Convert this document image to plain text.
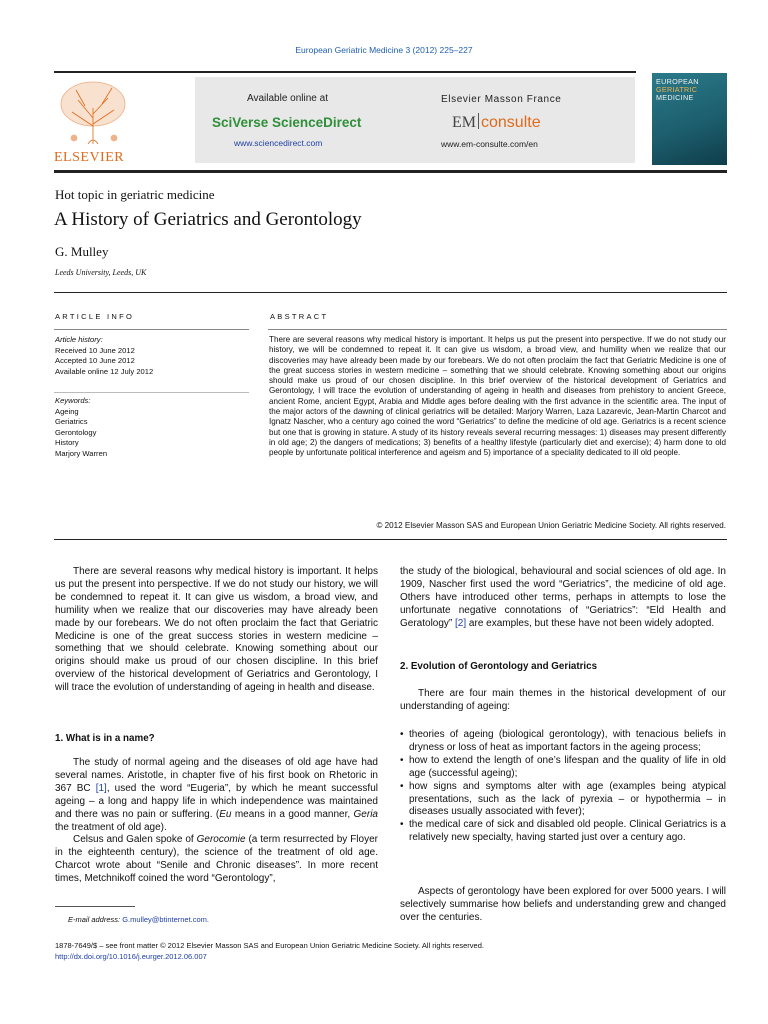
European Geriatric Medicine 3 (2012) 225–227
ELSEVIER
Available online at
SciVerse ScienceDirect
www.sciencedirect.com
Elsevier Masson France
EM consulte
www.em-consulte.com/en
EUROPEAN
GERIATRIC
MEDICINE
Hot topic in geriatric medicine
A History of Geriatrics and Gerontology
G. Mulley
Leeds University, Leeds, UK
ARTICLE INFO
Article history:
Received 10 June 2012
Accepted 10 June 2012
Available online 12 July 2012
Keywords:
Ageing
Geriatrics
Gerontology
History
Marjory Warren
ABSTRACT
There are several reasons why medical history is important. It helps us put the present into perspective. If we do not study our history, we will be condemned to repeat it. It can give us wisdom, a broad view, and humility when we realize that our discoveries may have already been made by our forebears. We do not often proclaim the fact that Geriatric Medicine is one of the great success stories in western medicine – something that we should celebrate. Knowing something about our origins should make us proud of our chosen discipline. In this brief overview of the historical development of Geriatrics and Gerontology, I will trace the evolution of understanding of ageing in health and diseases from prehistory to ancient Greece, ancient Rome, ancient Egypt, Arabia and Middle ages before dealing with the first advance in the scientific area. The input of the major actors of the dawning of clinical geriatrics will be detailed: Marjory Warren, Laza Lazarevic, Jean-Martin Charcot and Ignatz Nascher, who a century ago coined the word “Geriatrics” to define the medicine of old age. Geriatrics is a recent science but one that is growing in stature. A study of its history reveals several recurring messages: 1) diseases may present differently in old age; 2) the dangers of medications; 3) benefits of a healthy lifestyle (particularly diet and exercise); 4) harm done to old people by unfortunate political interference and ageism and 5) importance of a speciality dedicated to ill old people.
© 2012 Elsevier Masson SAS and European Union Geriatric Medicine Society. All rights reserved.

There are several reasons why medical history is important. It helps us put the present into perspective. If we do not study our history, we will be condemned to repeat it. It can give us wisdom, a broad view, and humility when we realize that our discoveries may have already been made by our forebears. We do not often proclaim the fact that Geriatric Medicine is one of the great success stories in western medicine – something that we should celebrate. Knowing something about our origins should make us proud of our chosen discipline. In this brief overview of the historical development of Geriatrics and Gerontology, I will trace the evolution of understanding of ageing in health and disease.

1. What is in a name?

The study of normal ageing and the diseases of old age have had several names. Aristotle, in chapter five of his first book on Rhetoric in 367 BC [1], used the word “Eugeria”, by which he meant successful ageing – a long and happy life in which independence was maintained and there was no pain or suffering. (Eu means in a good manner, Geria the treatment of old age).

Celsus and Galen spoke of Gerocomie (a term resurrected by Floyer in the eighteenth century), the science of the treatment of old age. Charcot wrote about “Senile and Chronic diseases”. In more recent times, Metchnikoff coined the word “Gerontology”,

E-mail address: G.mulley@btinternet.com.

the study of the biological, behavioural and social sciences of old age. In 1909, Nascher first used the word “Geriatrics”, the medicine of old age. Others have introduced other terms, perhaps in attempts to lose the unfortunate negative connotations of “Geriatrics”: “Eld Health and Geratology” [2] are examples, but these have not been widely adopted.

2. Evolution of Gerontology and Geriatrics

There are four main themes in the historical development of our understanding of ageing:

• theories of ageing (biological gerontology), with tenacious beliefs in dryness or loss of heat as important factors in the ageing process;
• how to extend the length of one’s lifespan and the quality of life in old age (successful ageing);
• how signs and symptoms alter with age (examples being atypical presentations, such as the lack of pyrexia – or hypothermia – in diseases usually associated with fever);
• the medical care of sick and disabled old people. Clinical Geriatrics is a relatively new specialty, having started just over a century ago.

Aspects of gerontology have been explored for over 5000 years. I will selectively summarise how beliefs and understanding grew and changed over the centuries.

1878-7649/$ – see front matter © 2012 Elsevier Masson SAS and European Union Geriatric Medicine Society. All rights reserved.
http://dx.doi.org/10.1016/j.eurger.2012.06.007
